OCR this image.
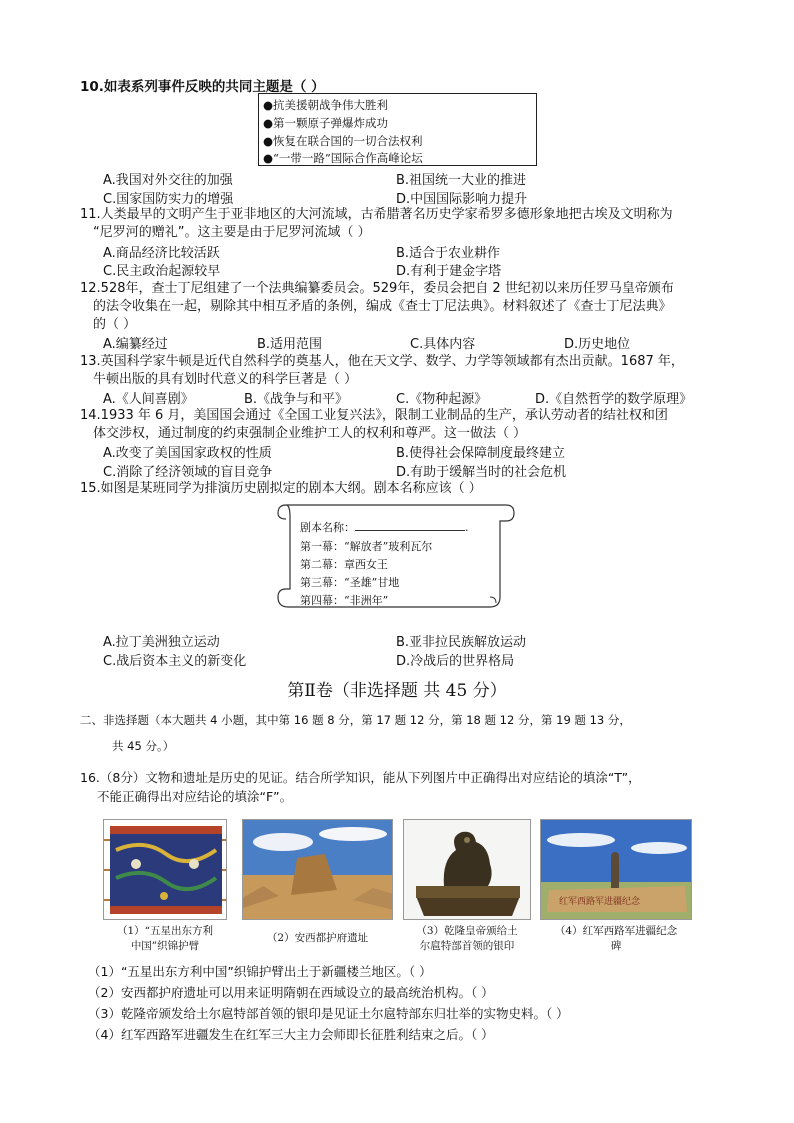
10.如表系列事件反映的共同主题是（ ）
●抗美援朝战争伟大胜利
●第一颗原子弹爆炸成功
●恢复在联合国的一切合法权利
●“一带一路”国际合作高峰论坛
A.我国对外交往的加强	B.祖国统一大业的推进
C.国家国防实力的增强	D.中国国际影响力提升
11.人类最早的文明产生于亚非地区的大河流域，古希腊著名历史学家希罗多德形象地把古埃及文明称为
“尼罗河的赠礼”。这主要是由于尼罗河流域（ ）
A.商品经济比较活跃	B.适合于农业耕作
C.民主政治起源较早	D.有利于建金字塔
12.528年，查士丁尼组建了一个法典编纂委员会。529年，委员会把自 2 世纪初以来历任罗马皇帝颁布
的法令收集在一起，剔除其中相互矛盾的条例，编成《查士丁尼法典》。材料叙述了《查士丁尼法典》
的（ ）
A.编纂经过	B.适用范围	C.具体内容	D.历史地位
13.英国科学家牛顿是近代自然科学的奠基人，他在天文学、数学、力学等领域都有杰出贡献。1687 年，
牛顿出版的具有划时代意义的科学巨著是（ ）
A.《人间喜剧》	B.《战争与和平》	C.《物种起源》	D.《自然哲学的数学原理》
14.1933 年 6 月，美国国会通过《全国工业复兴法》，限制工业制品的生产，承认劳动者的结社权和团
体交涉权，通过制度的约束强制企业维护工人的权利和尊严。这一做法（ ）
A.改变了美国国家政权的性质	B.使得社会保障制度最终建立
C.消除了经济领域的盲目竞争	D.有助于缓解当时的社会危机
15.如图是某班同学为排演历史剧拟定的剧本大纲。剧本名称应该（ ）
剧本名称：	.
第一幕：“解放者”玻利瓦尔
第二幕：章西女王
第三幕：“圣雄”甘地
第四幕：“非洲年”
A.拉丁美洲独立运动	B.亚非拉民族解放运动
C.战后资本主义的新变化	D.冷战后的世界格局
第Ⅱ卷（非选择题 共 45 分）
二、非选择题（本大题共 4 小题，其中第 16 题 8 分，第 17 题 12 分，第 18 题 12 分，第 19 题 13 分，
共 45 分。）
16.（8分）文物和遗址是历史的见证。结合所学知识，能从下列图片中正确得出对应结论的填涂“T”，
不能正确得出对应结论的填涂“F”。
红军西路军进疆纪念
（1）“五星出东方利
中国”织锦护臂
（2）安西都护府遗址
（3）乾隆皇帝颁给土
尔扈特部首领的银印
（4）红军西路军进疆纪念
碑
（1）“五星出东方利中国”织锦护臂出土于新疆楼兰地区。（ ）
（2）安西都护府遗址可以用来证明隋朝在西域设立的最高统治机构。（ ）
（3）乾隆帝颁发给土尔扈特部首领的银印是见证土尔扈特部东归壮举的实物史料。（ ）
（4）红军西路军进疆发生在红军三大主力会师即长征胜利结束之后。（ ）
